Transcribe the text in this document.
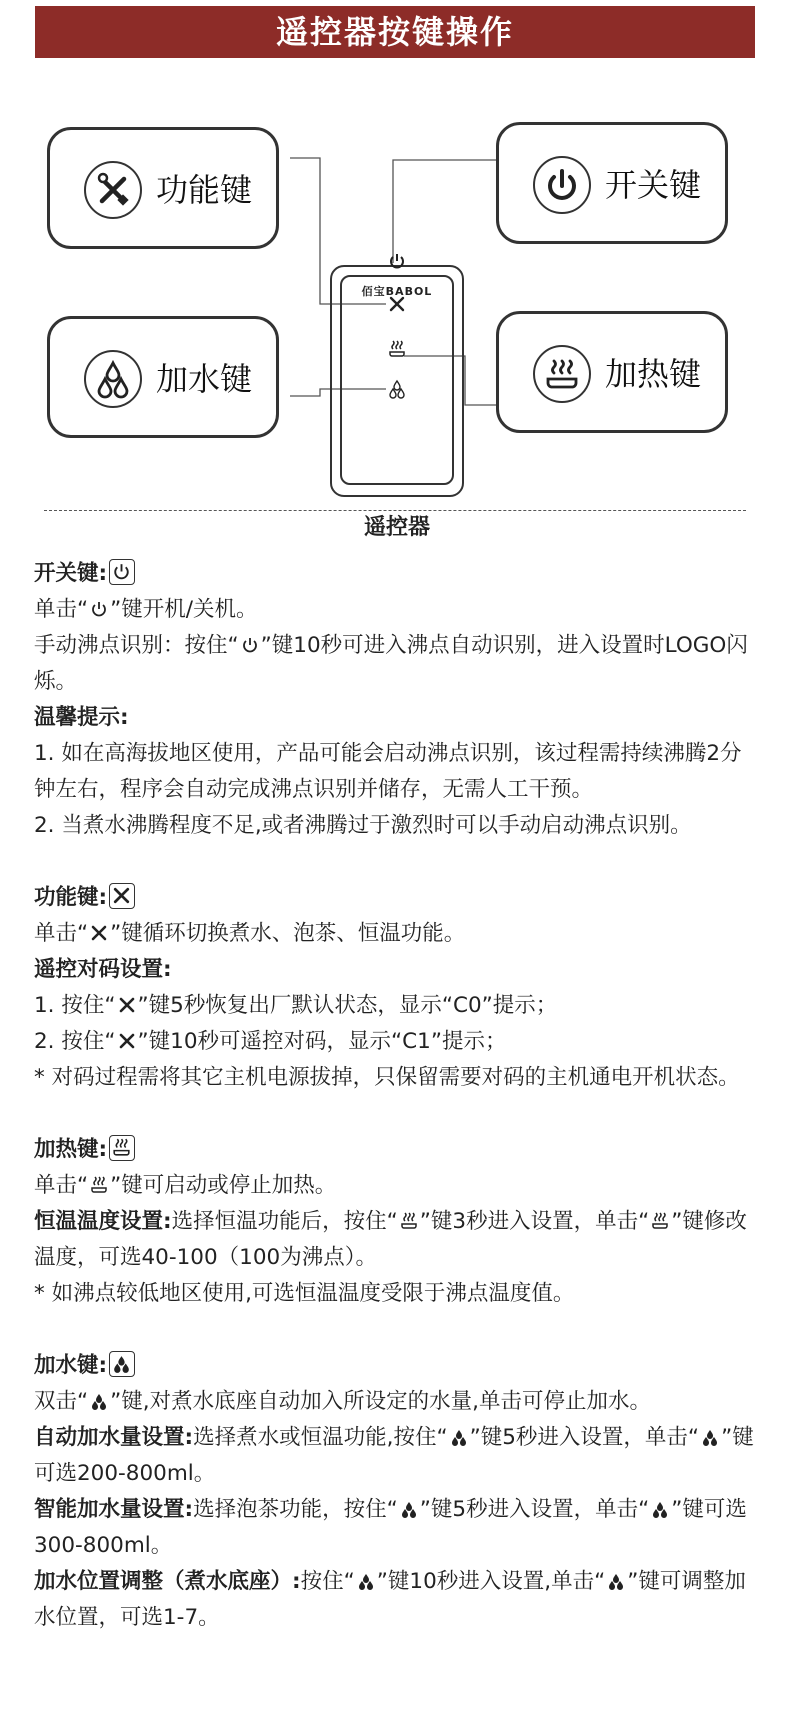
遥控器按键操作
功能键	开关键
加水键	加热键
佰宝BABOL
遥控器

开关键:

单击“ ”键开机/关机。

手动沸点识别：按住“ ”键10秒可进入沸点自动识别，进入设置时LOGO闪烁。

温馨提示:

1. 如在高海拔地区使用，产品可能会启动沸点识别，该过程需持续沸腾2分钟左右，程序会自动完成沸点识别并储存，无需人工干预。

2. 当煮水沸腾程度不足,或者沸腾过于激烈时可以手动启动沸点识别。

功能键:

单击“ ”键循环切换煮水、泡茶、恒温功能。

遥控对码设置:

1. 按住“ ”键5秒恢复出厂默认状态，显示“C0”提示；

2. 按住“ ”键10秒可遥控对码，显示“C1”提示；

* 对码过程需将其它主机电源拔掉，只保留需要对码的主机通电开机状态。

加热键:

单击“ ”键可启动或停止加热。

恒温温度设置:选择恒温功能后，按住“ ”键3秒进入设置，单击“ ”键修改温度，可选40-100（100为沸点）。

* 如沸点较低地区使用,可选恒温温度受限于沸点温度值。

加水键:

双击“ ”键,对煮水底座自动加入所设定的水量,单击可停止加水。

自动加水量设置:选择煮水或恒温功能,按住“ ”键5秒进入设置，单击“ ”键可选200-800ml。

智能加水量设置:选择泡茶功能，按住“ ”键5秒进入设置，单击“ ”键可选300-800ml。

加水位置调整（煮水底座）:按住“ ”键10秒进入设置,单击“ ”键可调整加水位置，可选1-7。
